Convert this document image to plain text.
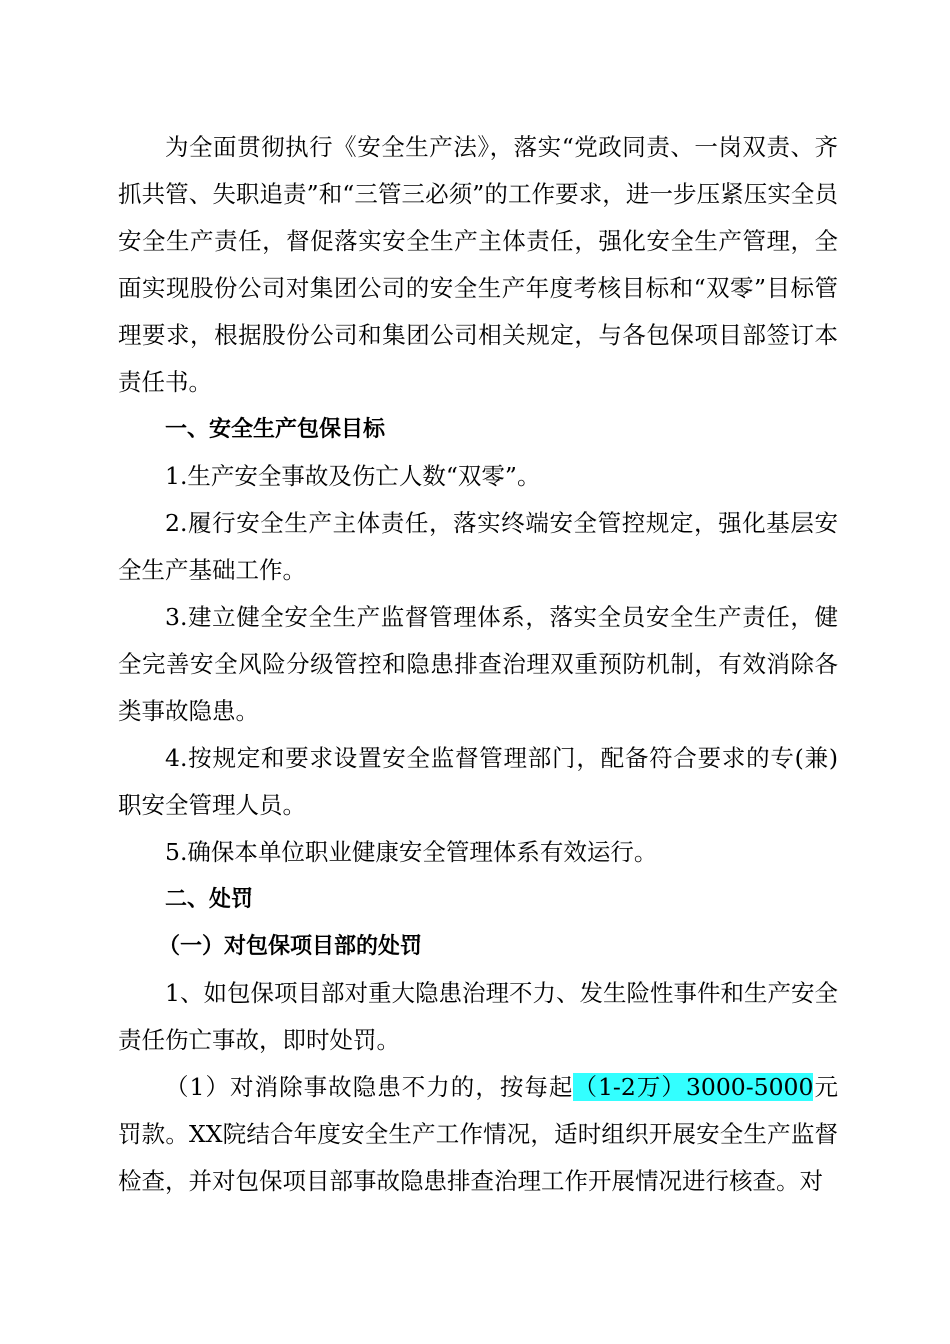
为全面贯彻执行《安全生产法》，落实“党政同责、一岗双责、齐抓共管、失职追责”和“三管三必须”的工作要求，进一步压紧压实全员安全生产责任，督促落实安全生产主体责任，强化安全生产管理，全面实现股份公司对集团公司的安全生产年度考核目标和“双零”目标管理要求，根据股份公司和集团公司相关规定，与各包保项目部签订本责任书。

一、安全生产包保目标

1.生产安全事故及伤亡人数“双零”。

2.履行安全生产主体责任，落实终端安全管控规定，强化基层安全生产基础工作。

3.建立健全安全生产监督管理体系，落实全员安全生产责任，健全完善安全风险分级管控和隐患排查治理双重预防机制，有效消除各类事故隐患。

4.按规定和要求设置安全监督管理部门，配备符合要求的专(兼)职安全管理人员。

5.确保本单位职业健康安全管理体系有效运行。

二、处罚

（一）对包保项目部的处罚

1、如包保项目部对重大隐患治理不力、发生险性事件和生产安全责任伤亡事故，即时处罚。

（1）对消除事故隐患不力的，按每起（1-2万）3000-5000元罚款。XX院结合年度安全生产工作情况，适时组织开展安全生产监督检查，并对包保项目部事故隐患排查治理工作开展情况进行核查。对
